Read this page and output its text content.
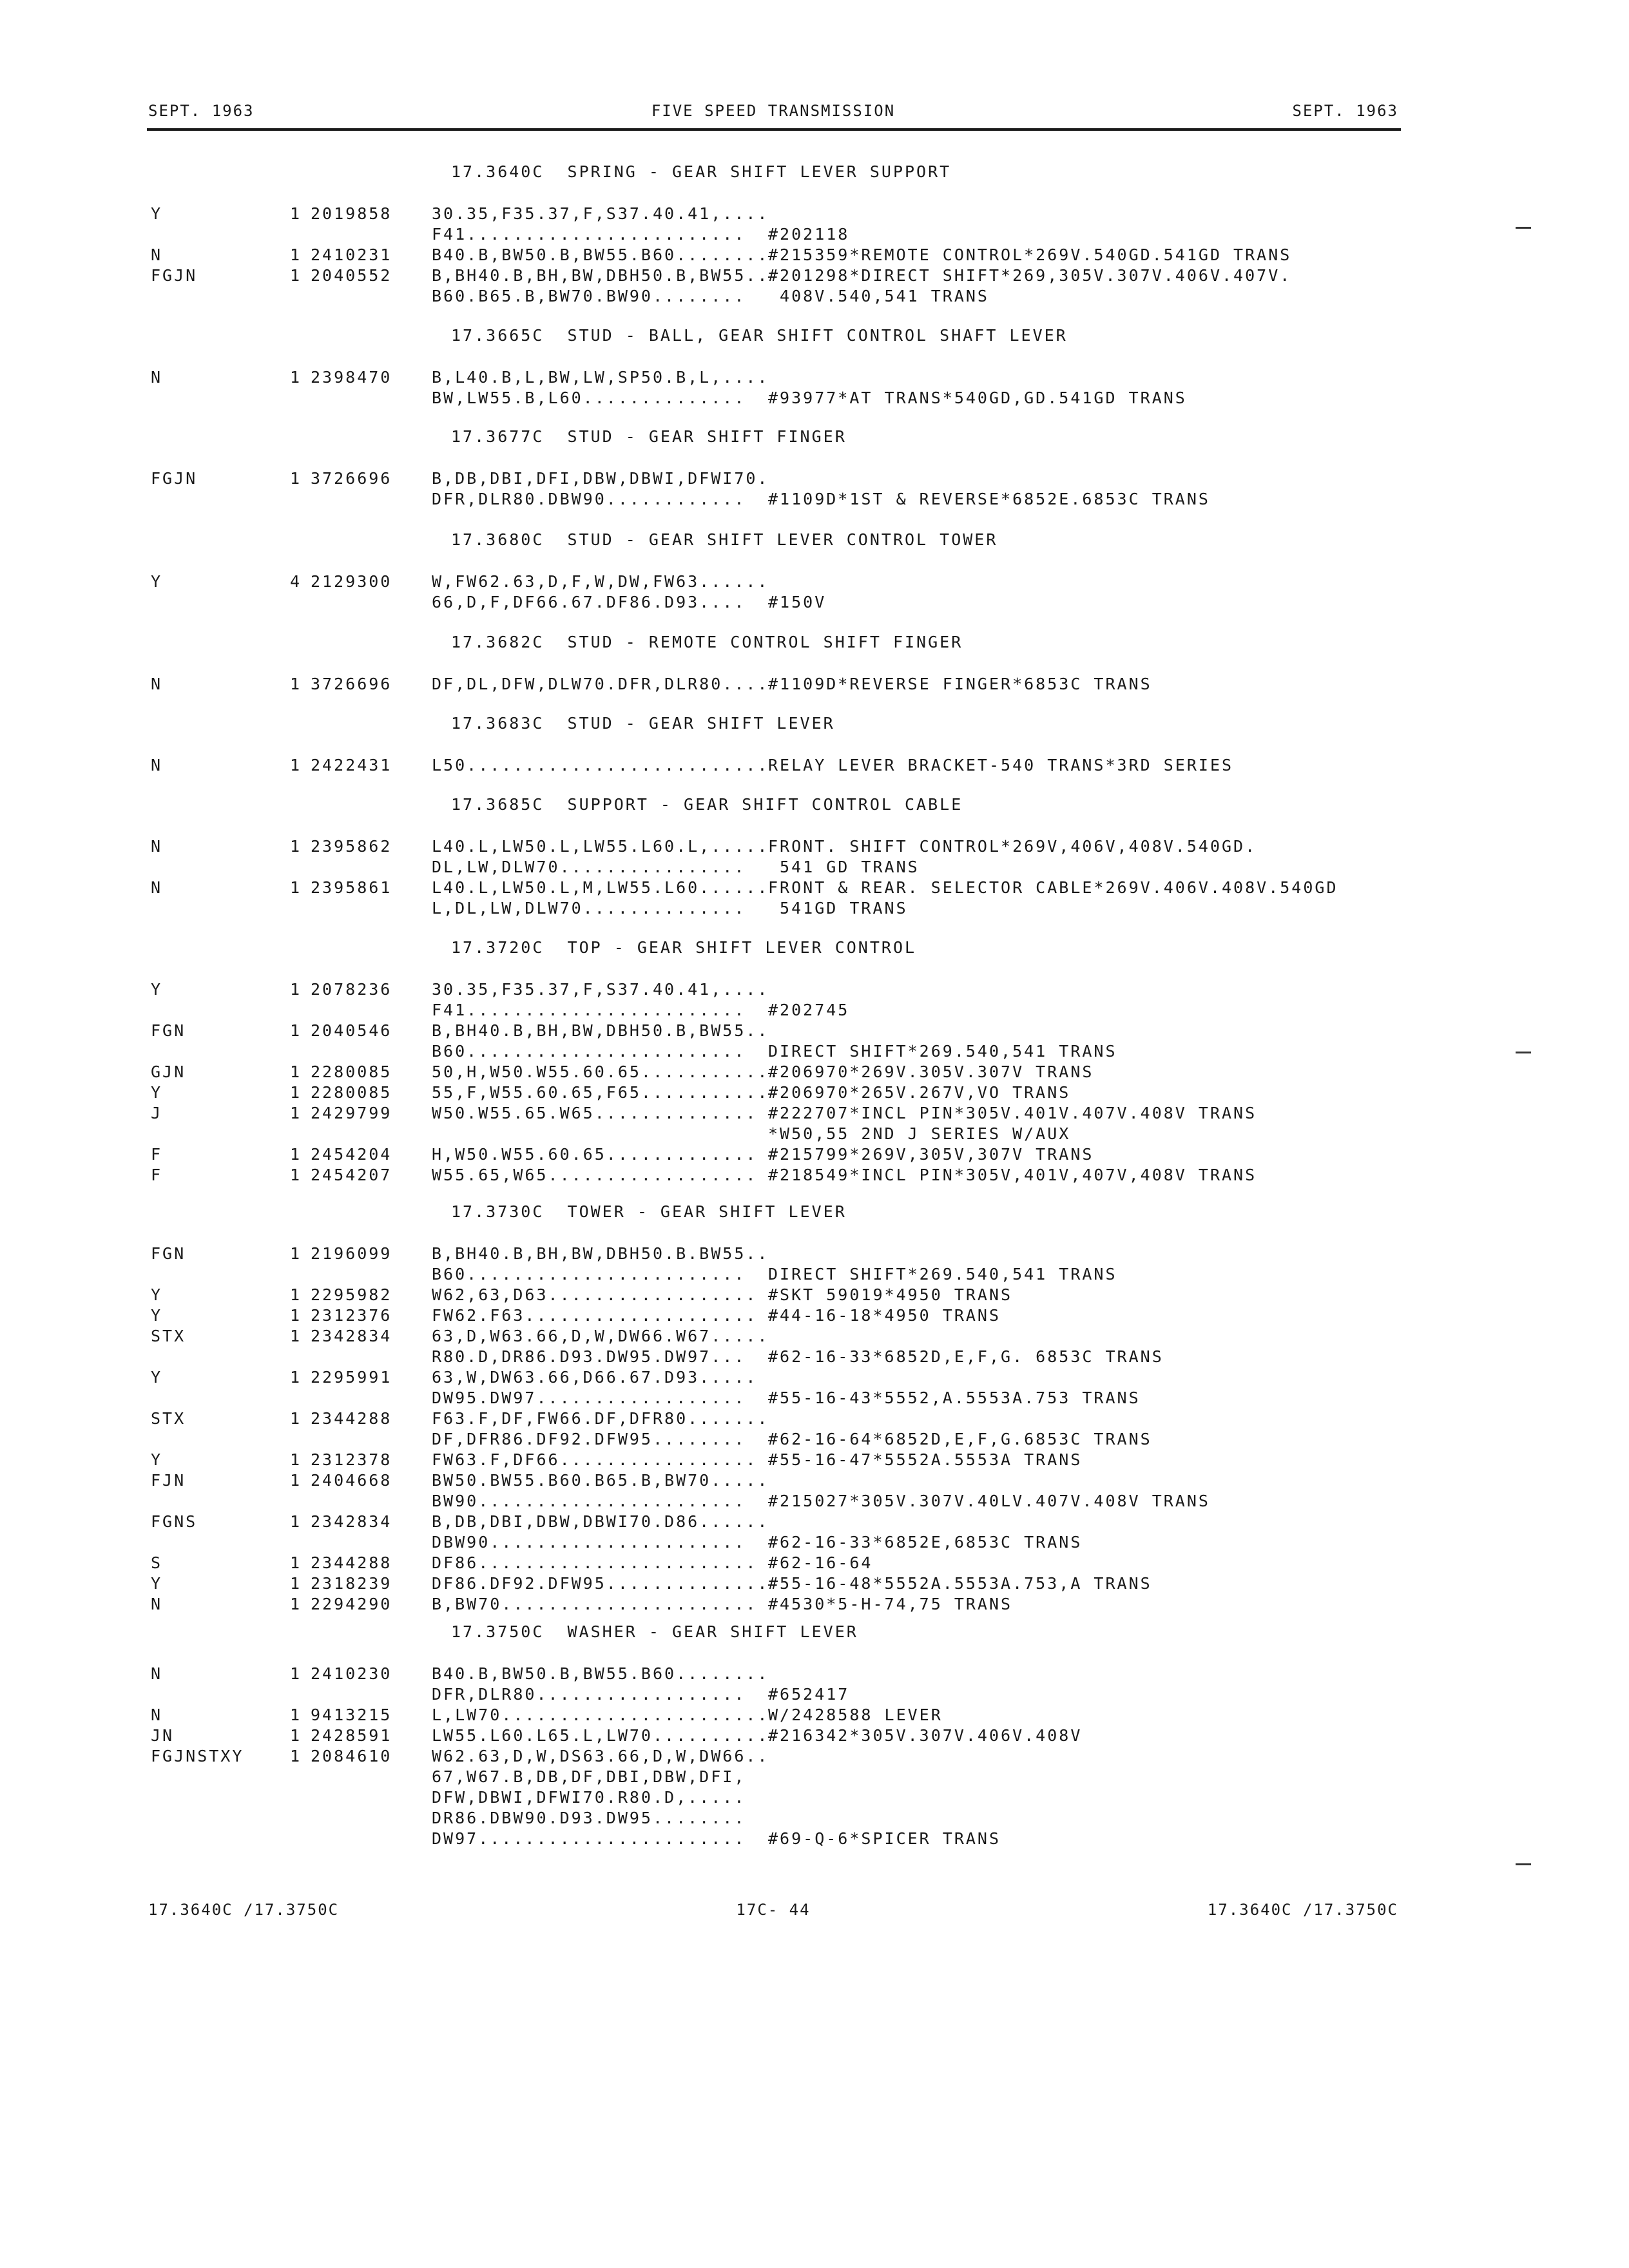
SEPT. 1963	FIVE SPEED TRANSMISSION	SEPT. 1963
17.3640C  SPRING - GEAR SHIFT LEVER SUPPORT
Y	1 2019858 30.35,F35.37,F,S37.40.41,....
F41........................ #202118
N	1 2410231 B40.B,BW50.B,BW55.B60........
#215359*REMOTE CONTROL*269V.540GD.541GD TRANS
FGJN	1 2040552 B,BH40.B,BH,BW,DBH50.B,BW55..
#201298*DIRECT SHIFT*269,305V.307V.406V.407V.
B60.B65.B,BW70.BW90........ 408V.540,541 TRANS
17.3665C  STUD - BALL, GEAR SHIFT CONTROL SHAFT LEVER
N	1 2398470 B,L40.B,L,BW,LW,SP50.B,L,....
BW,LW55.B,L60.............. #93977*AT TRANS*540GD,GD.541GD TRANS
17.3677C  STUD - GEAR SHIFT FINGER
FGJN	1 3726696 B,DB,DBI,DFI,DBW,DBWI,DFWI70.
DFR,DLR80.DBW90............ #1109D*1ST & REVERSE*6852E.6853C TRANS
17.3680C  STUD - GEAR SHIFT LEVER CONTROL TOWER
Y	4 2129300 W,FW62.63,D,F,W,DW,FW63......
66,D,F,DF66.67.DF86.D93.... #150V
17.3682C  STUD - REMOTE CONTROL SHIFT FINGER
N	1 3726696 DF,DL,DFW,DLW70.DFR,DLR80....
#1109D*REVERSE FINGER*6853C TRANS
17.3683C  STUD - GEAR SHIFT LEVER
N	1 2422431 L50..........................
RELAY LEVER BRACKET-540 TRANS*3RD SERIES
17.3685C  SUPPORT - GEAR SHIFT CONTROL CABLE
N	1 2395862 L40.L,LW50.L,LW55.L60.L,.....
FRONT. SHIFT CONTROL*269V,406V,408V.540GD.
DL,LW,DLW70................ 541 GD TRANS
N	1 2395861 L40.L,LW50.L,M,LW55.L60......
FRONT & REAR. SELECTOR CABLE*269V.406V.408V.540GD
L,DL,LW,DLW70.............. 541GD TRANS
17.3720C  TOP - GEAR SHIFT LEVER CONTROL
Y	1 2078236 30.35,F35.37,F,S37.40.41,....
F41........................ #202745
FGN	1 2040546 B,BH40.B,BH,BW,DBH50.B,BW55..
B60........................ DIRECT SHIFT*269.540,541 TRANS
GJN	1 2280085 50,H,W50.W55.60.65............
#206970*269V.305V.307V TRANS
Y	1 2280085 55,F,W55.60.65,F65...........
#206970*265V.267V,VO TRANS
J	1 2429799 W50.W55.65.W65.............. #222707*INCL PIN*305V.401V.407V.408V TRANS
*W50,55 2ND J SERIES W/AUX
F	1 2454204 H,W50.W55.60.65............. #215799*269V,305V,307V TRANS
F	1 2454207 W55.65,W65.................. #218549*INCL PIN*305V,401V,407V,408V TRANS
17.3730C  TOWER - GEAR SHIFT LEVER
FGN	1 2196099 B,BH40.B,BH,BW,DBH50.B.BW55..
B60........................ DIRECT SHIFT*269.540,541 TRANS
Y	1 2295982 W62,63,D63.................. #SKT 59019*4950 TRANS
Y	1 2312376 FW62.F63.................... #44-16-18*4950 TRANS
STX	1 2342834 63,D,W63.66,D,W,DW66.W67.....
R80.D,DR86.D93.DW95.DW97... #62-16-33*6852D,E,F,G. 6853C TRANS
Y	1 2295991 63,W,DW63.66,D66.67.D93.....
DW95.DW97.................. #55-16-43*5552,A.5553A.753 TRANS
STX	1 2344288 F63.F,DF,FW66.DF,DFR80.......
DF,DFR86.DF92.DFW95........ #62-16-64*6852D,E,F,G.6853C TRANS
Y	1 2312378 FW63.F,DF66................. #55-16-47*5552A.5553A TRANS
FJN	1 2404668 BW50.BW55.B60.B65.B,BW70.....
BW90....................... #215027*305V.307V.40LV.407V.408V TRANS
FGNS	1 2342834 B,DB,DBI,DBW,DBWI70.D86......
DBW90...................... #62-16-33*6852E,6853C TRANS
S	1 2344288 DF86........................ #62-16-64
Y	1 2318239 DF86.DF92.DFW95..............
#55-16-48*5552A.5553A.753,A TRANS
N	1 2294290 B,BW70...................... #4530*5-H-74,75 TRANS
17.3750C  WASHER - GEAR SHIFT LEVER
N	1 2410230 B40.B,BW50.B,BW55.B60........
DFR,DLR80.................. #652417
N	1 9413215 L,LW70.......................
W/2428588 LEVER
JN	1 2428591 LW55.L60.L65.L,LW70..........
#216342*305V.307V.406V.408V
FGJNSTXY	1 2084610 W62.63,D,W,DS63.66,D,W,DW66..
67,W67.B,DB,DF,DBI,DBW,DFI,
DFW,DBWI,DFWI70.R80.D,.....
DR86.DBW90.D93.DW95........
DW97....................... #69-Q-6*SPICER TRANS
17.3640C /17.3750C	17C- 44	17.3640C /17.3750C
